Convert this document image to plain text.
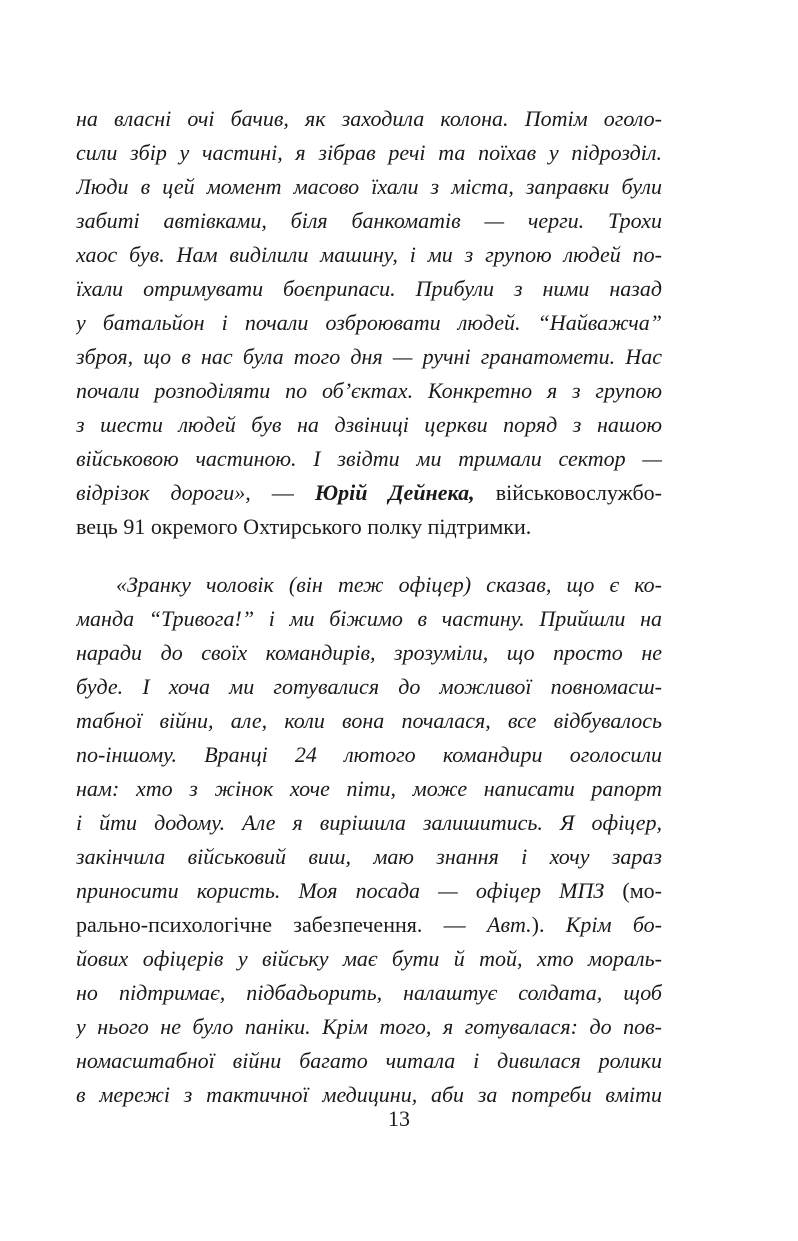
на власні очі бачив, як заходила колона. Потім оголо-
сили збір у частині, я зібрав речі та поїхав у підрозділ.
Люди в цей момент масово їхали з міста, заправки були
забиті автівками, біля банкоматів — черги. Трохи
хаос був. Нам виділили машину, і ми з групою людей по-
їхали отримувати боєприпаси. Прибули з ними назад
у батальйон і почали озброювати людей. “Найважча”
зброя, що в нас була того дня — ручні гранатомети. Нас
почали розподіляти по об’єктах. Конкретно я з групою
з шести людей був на дзвіниці церкви поряд з нашою
військовою частиною. І звідти ми тримали сектор —
відрізок дороги», — Юрій Дейнека, військовослужбо-
вець 91 окремого Охтирського полку підтримки.
«Зранку чоловік (він теж офіцер) сказав, що є ко-
манда “Тривога!” і ми біжимо в частину. Прийшли на
наради до своїх командирів, зрозуміли, що просто не
буде. І хоча ми готувалися до можливої повномасш-
табної війни, але, коли вона почалася, все відбувалось
по-іншому. Вранці 24 лютого командири оголосили
нам: хто з жінок хоче піти, може написати рапорт
і йти додому. Але я вирішила залишитись. Я офіцер,
закінчила військовий виш, маю знання і хочу зараз
приносити користь. Моя посада — офіцер МПЗ (мо-
рально-психологічне забезпечення. — Авт.). Крім бо-
йових офіцерів у війську має бути й той, хто мораль-
но підтримає, підбадьорить, налаштує солдата, щоб
у нього не було паніки. Крім того, я готувалася: до пов-
номасштабної війни багато читала і дивилася ролики
в мережі з тактичної медицини, аби за потреби вміти
13
